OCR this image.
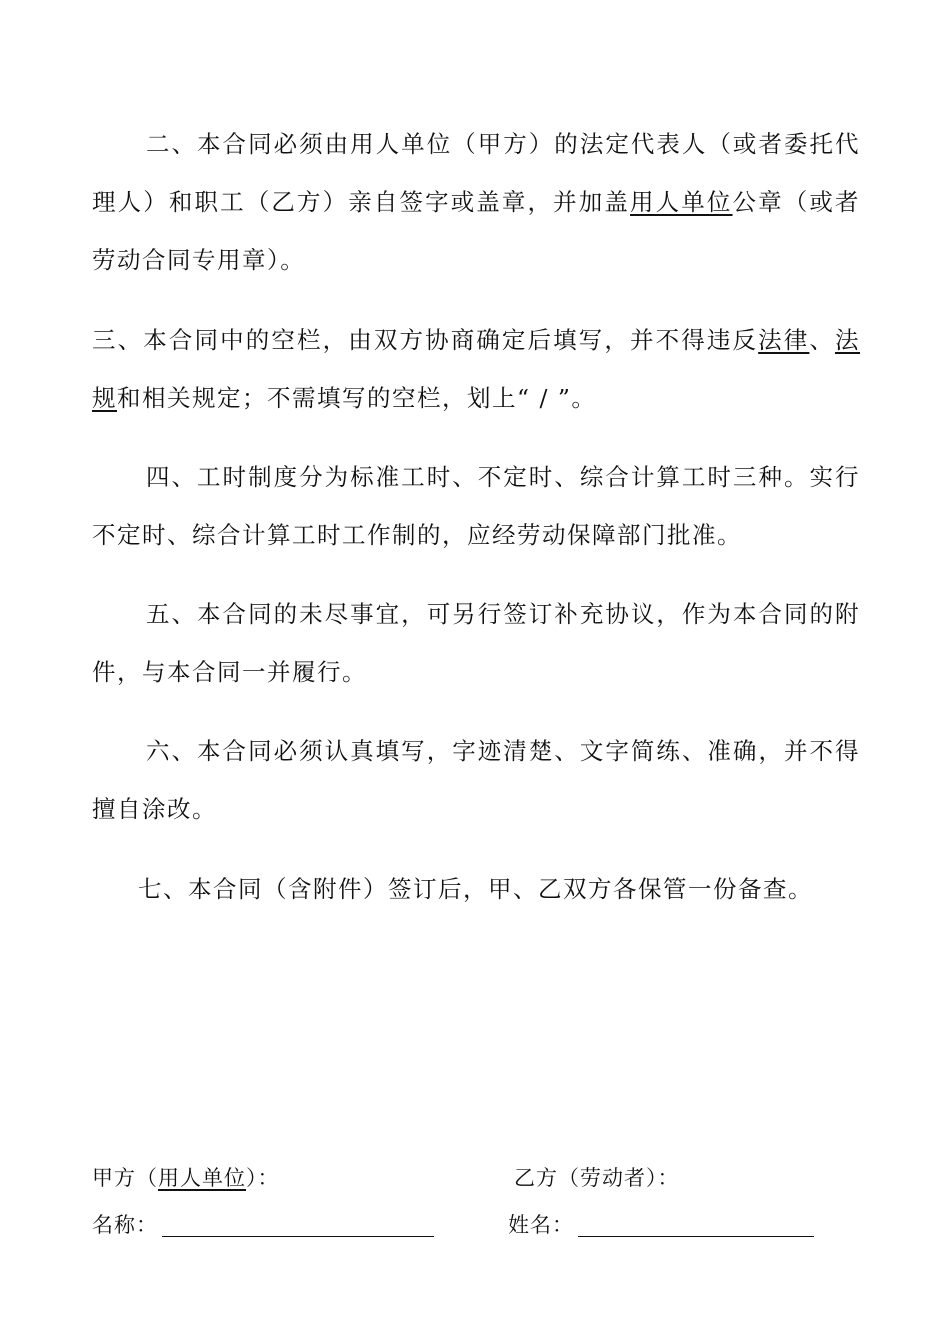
二、本合同必须由用人单位（甲方）的法定代表人（或者委托代理人）和职工（乙方）亲自签字或盖章，并加盖用人单位公章（或者劳动合同专用章）。

三、本合同中的空栏，由双方协商确定后填写，并不得违反法律、法规和相关规定；不需填写的空栏，划上“ / ”。

四、工时制度分为标准工时、不定时、综合计算工时三种。实行不定时、综合计算工时工作制的，应经劳动保障部门批准。

五、本合同的未尽事宜，可另行签订补充协议，作为本合同的附件，与本合同一并履行。

六、本合同必须认真填写，字迹清楚、文字简练、准确，并不得擅自涂改。

七、本合同（含附件）签订后，甲、乙双方各保管一份备查。

甲方（用人单位）：	乙方（劳动者）：
名称：	姓名：
